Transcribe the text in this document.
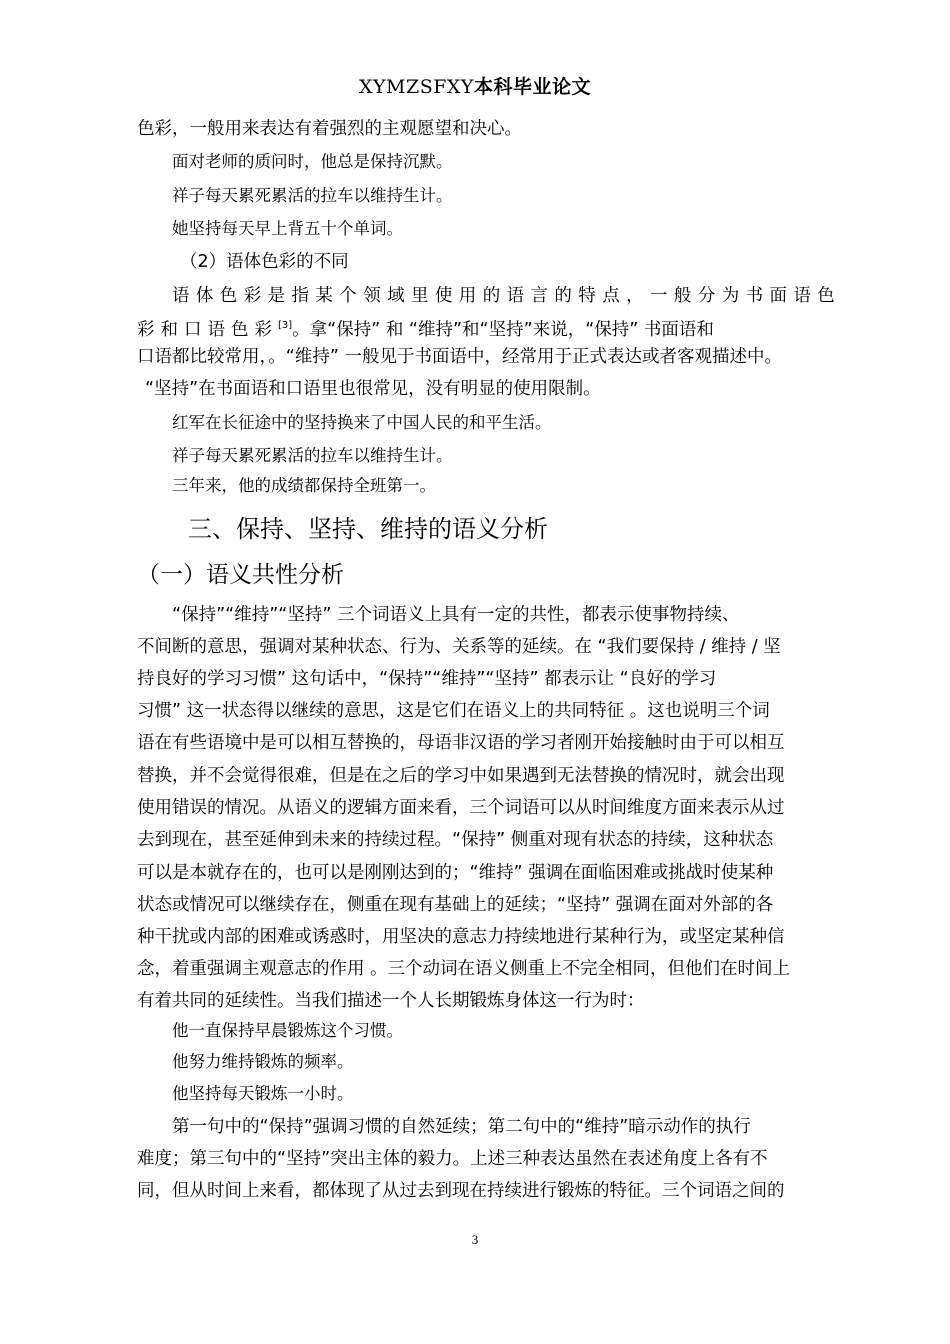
XYMZSFXY本科毕业论文
色彩，一般用来表达有着强烈的主观愿望和决心。
面对老师的质问时，他总是保持沉默。
祥子每天累死累活的拉车以维持生计。
她坚持每天早上背五十个单词。
（2）语体色彩的不同
语体色彩是指某个领域里使用的语言的特点，一般分为书面语色
彩和口语色彩[3]。拿“保持” 和 “维持”和“坚持”来说，“保持” 书面语和
口语都比较常用，。“维持” 一般见于书面语中，经常用于正式表达或者客观描述中。
“坚持”在书面语和口语里也很常见，没有明显的使用限制。
红军在长征途中的坚持换来了中国人民的和平生活。
祥子每天累死累活的拉车以维持生计。
三年来，他的成绩都保持全班第一。
三、保持、坚持、维持的语义分析
（一）语义共性分析
“保持”“维持”“坚持” 三个词语义上具有一定的共性，都表示使事物持续、
不间断的意思，强调对某种状态、行为、关系等的延续。在 “我们要保持 / 维持 / 坚
持良好的学习习惯” 这句话中，“保持”“维持”“坚持” 都表示让 “良好的学习
习惯” 这一状态得以继续的意思，这是它们在语义上的共同特征 。这也说明三个词
语在有些语境中是可以相互替换的，母语非汉语的学习者刚开始接触时由于可以相互
替换，并不会觉得很难，但是在之后的学习中如果遇到无法替换的情况时，就会出现
使用错误的情况。从语义的逻辑方面来看，三个词语可以从时间维度方面来表示从过
去到现在，甚至延伸到未来的持续过程。“保持” 侧重对现有状态的持续，这种状态
可以是本就存在的，也可以是刚刚达到的；“维持” 强调在面临困难或挑战时使某种
状态或情况可以继续存在，侧重在现有基础上的延续；“坚持” 强调在面对外部的各
种干扰或内部的困难或诱惑时，用坚决的意志力持续地进行某种行为，或坚定某种信
念，着重强调主观意志的作用 。三个动词在语义侧重上不完全相同，但他们在时间上
有着共同的延续性。当我们描述一个人长期锻炼身体这一行为时：
他一直保持早晨锻炼这个习惯。
他努力维持锻炼的频率。
他坚持每天锻炼一小时。
第一句中的“保持”强调习惯的自然延续；第二句中的“维持”暗示动作的执行
难度；第三句中的“坚持”突出主体的毅力。上述三种表达虽然在表述角度上各有不
同，但从时间上来看，都体现了从过去到现在持续进行锻炼的特征。三个词语之间的
3
